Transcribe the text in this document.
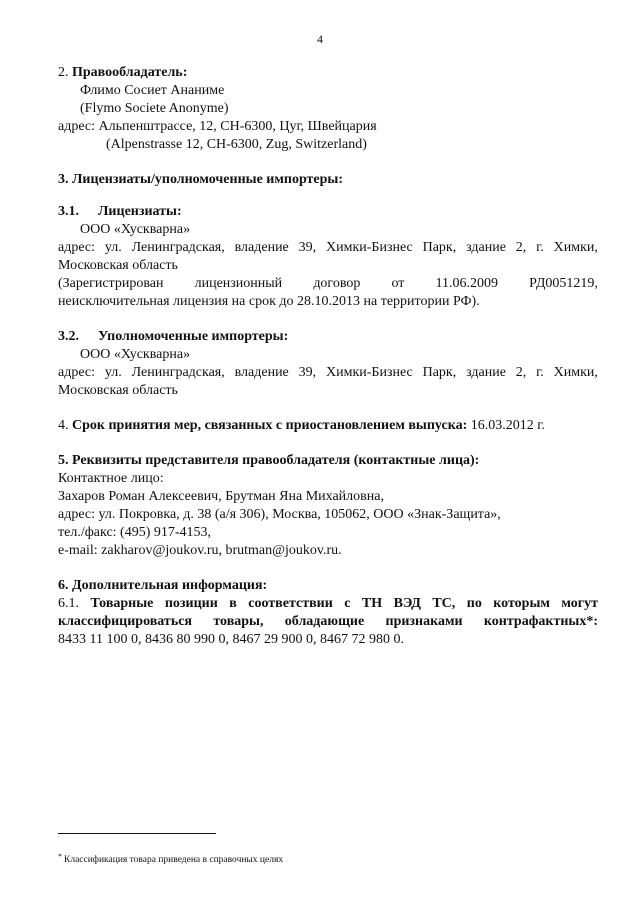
4
2. Правообладатель:
Флимо Сосиет Ананиме
(Flymo Societe Anonyme)
адрес: Альпенштрассе, 12, CH-6300, Цуг, Швейцария
(Alpenstrasse 12, CH-6300, Zug, Switzerland)
3. Лицензиаты/уполномоченные импортеры:
3.1. Лицензиаты:
ООО «Хускварна»
адрес: ул. Ленинградская, владение 39, Химки-Бизнес Парк, здание 2, г. Химки,
Московская область
(Зарегистрирован лицензионный договор от 11.06.2009 РД0051219,
неисключительная лицензия на срок до 28.10.2013 на территории РФ).
3.2. Уполномоченные импортеры:
ООО «Хускварна»
адрес: ул. Ленинградская, владение 39, Химки-Бизнес Парк, здание 2, г. Химки,
Московская область
4. Срок принятия мер, связанных с приостановлением выпуска: 16.03.2012 г.
5. Реквизиты представителя правообладателя (контактные лица):
Контактное лицо:
Захаров Роман Алексеевич, Брутман Яна Михайловна,
адрес: ул. Покровка, д. 38 (а/я 306), Москва, 105062, ООО «Знак-Защита»,
тел./факс: (495) 917-4153,
e-mail: zakharov@joukov.ru, brutman@joukov.ru.
6. Дополнительная информация:
6.1. Товарные позиции в соответствии с ТН ВЭД ТС, по которым могут
классифицироваться товары, обладающие признаками контрафактных*:
8433 11 100 0, 8436 80 990 0, 8467 29 900 0, 8467 72 980 0.
* Классификация товара приведена в справочных целях
